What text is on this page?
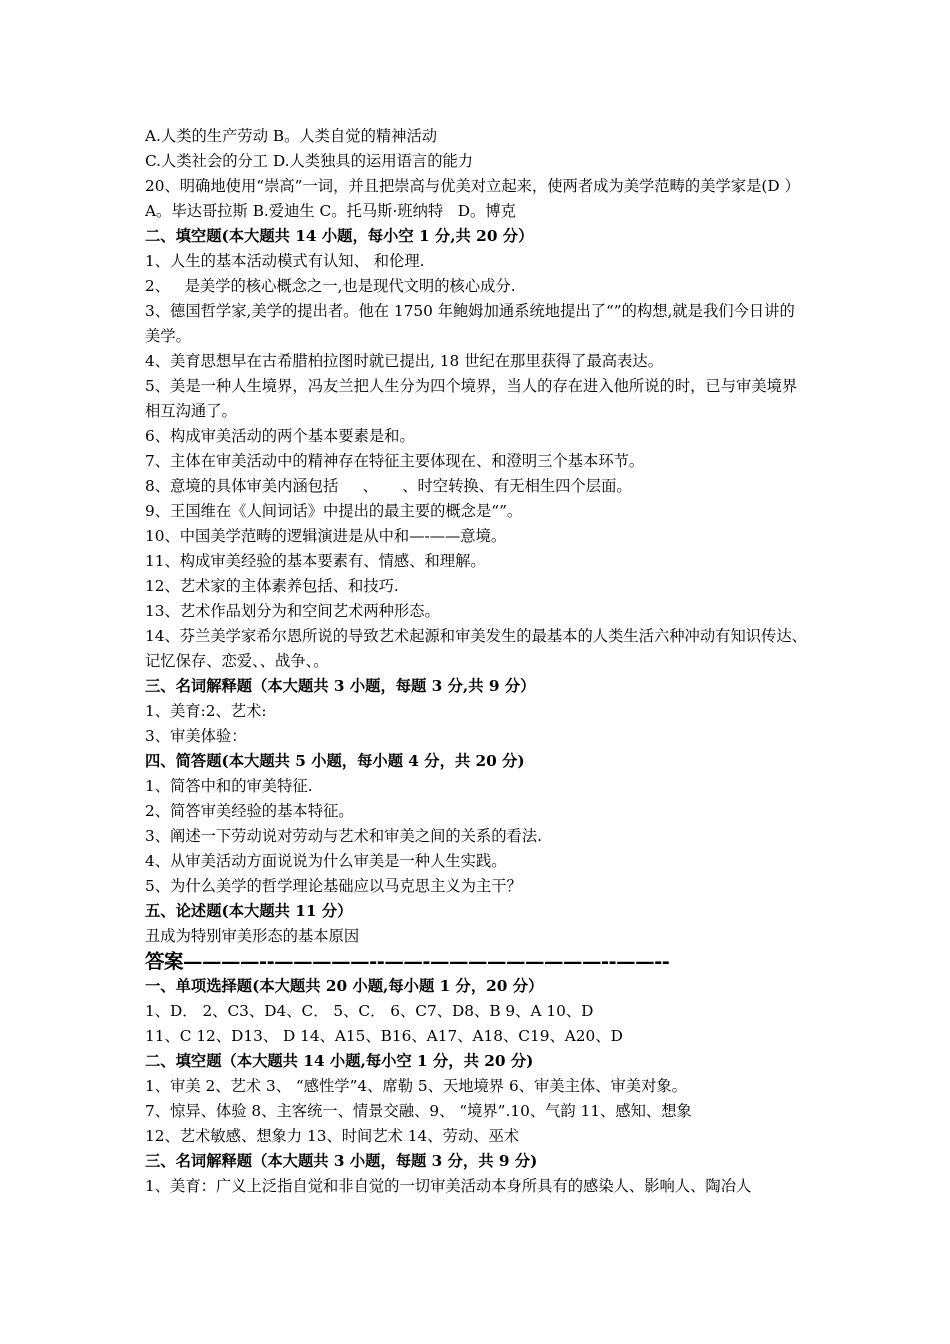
A.人类的生产劳动 B。人类自觉的精神活动
C.人类社会的分工 D.人类独具的运用语言的能力
20、明确地使用“崇高”一词，并且把崇高与优美对立起来，使两者成为美学范畴的美学家是(D ）
A。毕达哥拉斯 B.爱迪生 C。托马斯·班纳特   D。博克
二、填空题(本大题共 14 小题，每小空 1 分,共 20 分）
1、人生的基本活动模式有认知、 和伦理.
2、   是美学的核心概念之一,也是现代文明的核心成分.
3、德国哲学家,美学的提出者。他在 1750 年鲍姆加通系统地提出了“”的构想,就是我们今日讲的美学。
4、美育思想早在古希腊柏拉图时就已提出, 18 世纪在那里获得了最高表达。
5、美是一种人生境界，冯友兰把人生分为四个境界，当人的存在进入他所说的时，已与审美境界相互沟通了。
6、构成审美活动的两个基本要素是和。
7、主体在审美活动中的精神存在特征主要体现在、和澄明三个基本环节。
8、意境的具体审美内涵包括     、     、时空转换、有无相生四个层面。
9、王国维在《人间词话》中提出的最主要的概念是“”。
10、中国美学范畴的逻辑演进是从中和—-——意境。
11、构成审美经验的基本要素有、情感、和理解。
12、艺术家的主体素养包括、和技巧.
13、艺术作品划分为和空间艺术两种形态。
14、芬兰美学家希尔恩所说的导致艺术起源和审美发生的最基本的人类生活六种冲动有知识传达、记忆保存、恋爱、、战争、。
三、名词解释题（本大题共 3 小题，每题 3 分,共 9 分）
1、美育:2、艺术:
3、审美体验：
四、简答题(本大题共 5 小题，每小题 4 分，共 20 分)
1、简答中和的审美特征.
2、简答审美经验的基本特征。
3、阐述一下劳动说对劳动与艺术和审美之间的关系的看法.
4、从审美活动方面说说为什么审美是一种人生实践。
5、为什么美学的哲学理论基础应以马克思主义为主干？
五、论述题(本大题共 11 分）
丑成为特别审美形态的基本原因
答案————--—————--——-—————————--——--
一、单项选择题(本大题共 20 小题,每小题 1 分，20 分）
1、D． 2、C3、D4、C． 5、C． 6、C7、D8、B 9、A 10、D
11、C 12、D13、 D 14、A15、B16、A17、A18、C19、A20、D
二、填空题（本大题共 14 小题,每小空 1 分，共 20 分)
1、审美 2、艺术 3、 “感性学”4、席勒 5、天地境界 6、审美主体、审美对象。
7、惊异、体验 8、主客统一、情景交融、9、 “境界”.10、气韵 11、感知、想象
12、艺术敏感、想象力 13、时间艺术 14、劳动、巫术
三、名词解释题（本大题共 3 小题，每题 3 分，共 9 分)
1、美育：广义上泛指自觉和非自觉的一切审美活动本身所具有的感染人、影响人、陶冶人
